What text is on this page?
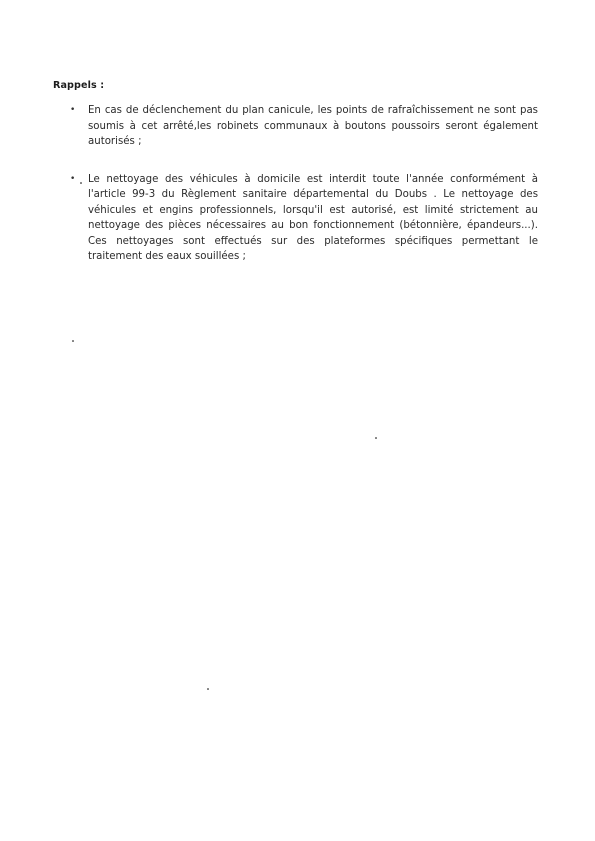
Rappels :
• En cas de déclenchement du plan canicule, les points de rafraîchissement ne sont pas soumis à cet arrêté,les robinets communaux à boutons poussoirs seront également autorisés ;
• Le nettoyage des véhicules à domicile est interdit toute l'année conformément à l'article 99-3 du Règlement sanitaire départemental du Doubs . Le nettoyage des véhicules et engins professionnels, lorsqu'il est autorisé, est limité strictement au nettoyage des pièces nécessaires au bon fonctionnement (bétonnière, épandeurs...). Ces nettoyages sont effectués sur des plateformes spécifiques permettant le traitement des eaux souillées ;
